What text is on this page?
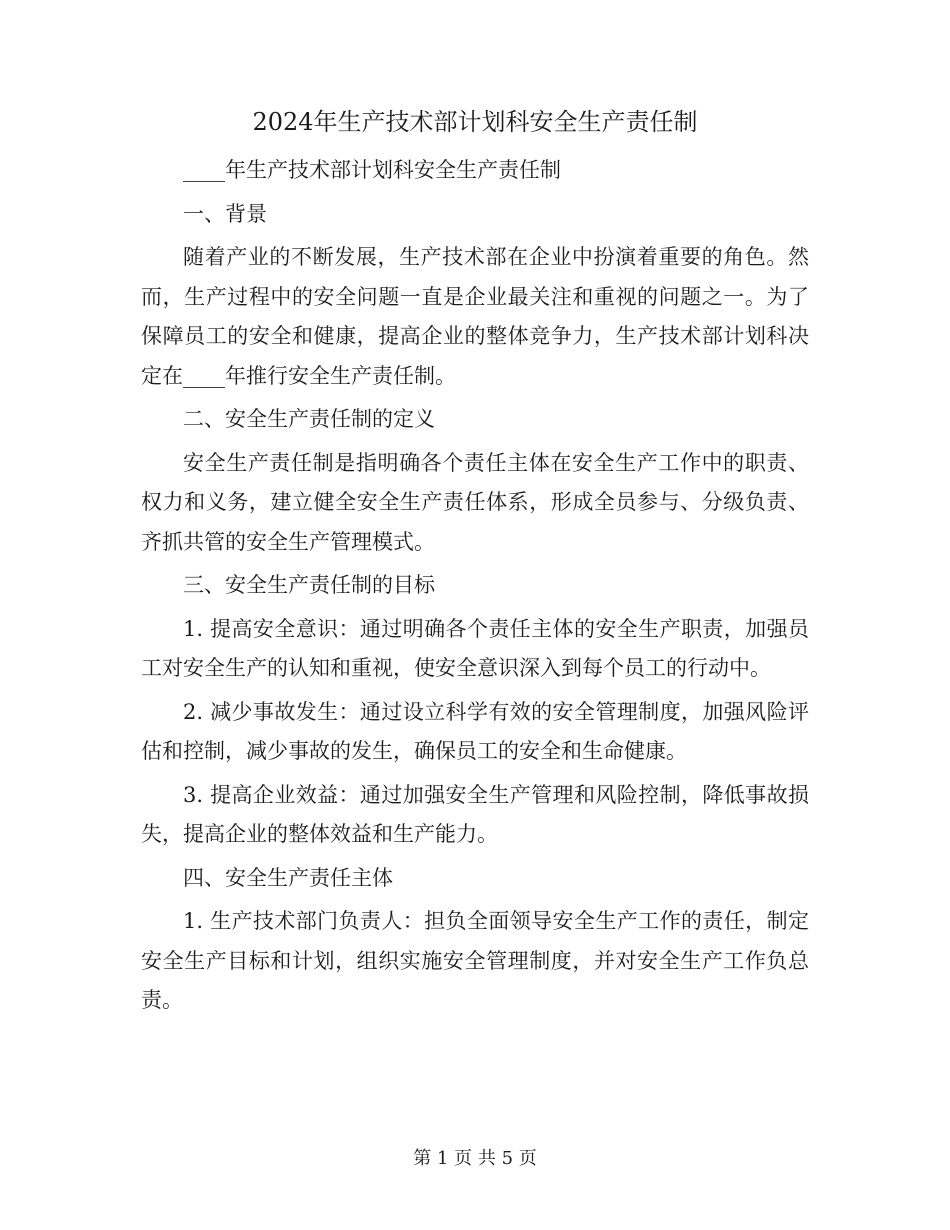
2024年生产技术部计划科安全生产责任制

____年生产技术部计划科安全生产责任制

一、背景

随着产业的不断发展，生产技术部在企业中扮演着重要的角色。然而，生产过程中的安全问题一直是企业最关注和重视的问题之一。为了保障员工的安全和健康，提高企业的整体竞争力，生产技术部计划科决定在____年推行安全生产责任制。

二、安全生产责任制的定义

安全生产责任制是指明确各个责任主体在安全生产工作中的职责、权力和义务，建立健全安全生产责任体系，形成全员参与、分级负责、齐抓共管的安全生产管理模式。

三、安全生产责任制的目标

1. 提高安全意识：通过明确各个责任主体的安全生产职责，加强员工对安全生产的认知和重视，使安全意识深入到每个员工的行动中。

2. 减少事故发生：通过设立科学有效的安全管理制度，加强风险评估和控制，减少事故的发生，确保员工的安全和生命健康。

3. 提高企业效益：通过加强安全生产管理和风险控制，降低事故损失，提高企业的整体效益和生产能力。

四、安全生产责任主体

1. 生产技术部门负责人：担负全面领导安全生产工作的责任，制定安全生产目标和计划，组织实施安全管理制度，并对安全生产工作负总责。

第 1 页 共 5 页
